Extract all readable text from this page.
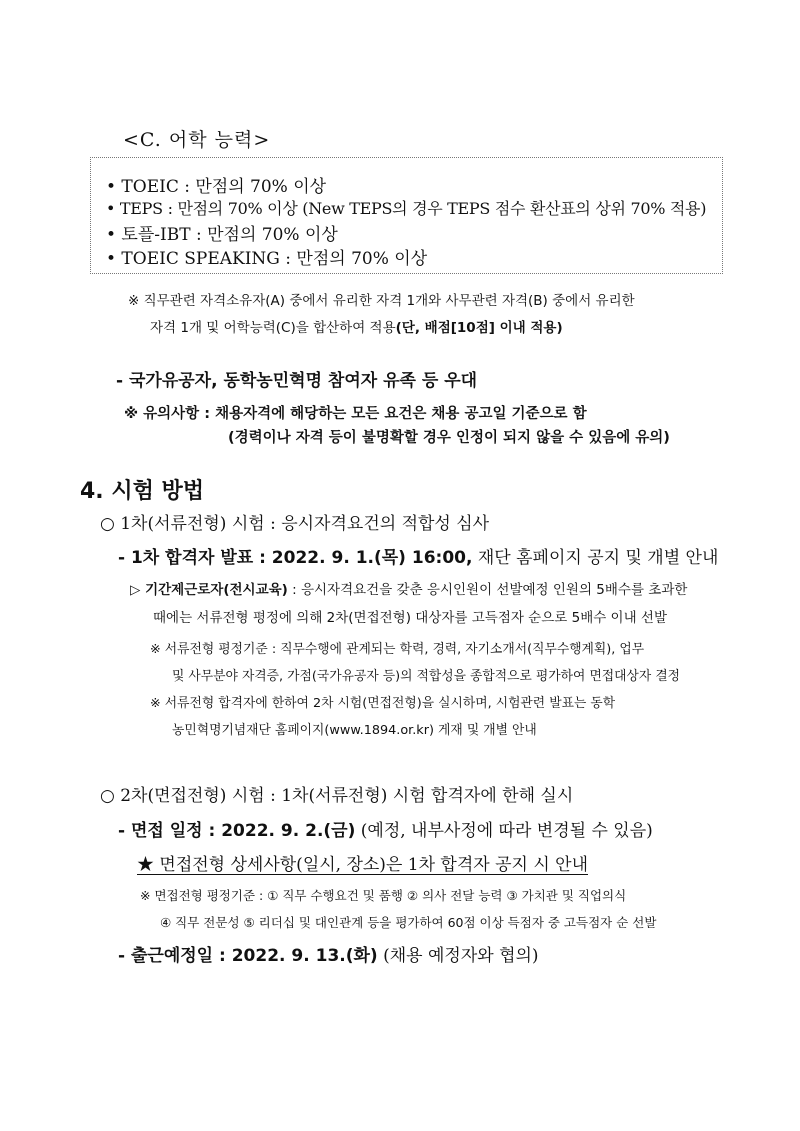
<C. 어학 능력>
• TOEIC : 만점의 70% 이상
• TEPS : 만점의 70% 이상 (New TEPS의 경우 TEPS 점수 환산표의 상위 70% 적용)
• 토플-IBT : 만점의 70% 이상
• TOEIC SPEAKING : 만점의 70% 이상
※ 직무관련 자격소유자(A) 중에서 유리한 자격 1개와 사무관련 자격(B) 중에서 유리한
자격 1개 및 어학능력(C)을 합산하여 적용(단, 배점[10점] 이내 적용)
- 국가유공자, 동학농민혁명 참여자 유족 등 우대
※ 유의사항 : 채용자격에 해당하는 모든 요건은 채용 공고일 기준으로 함
(경력이나 자격 등이 불명확할 경우 인정이 되지 않을 수 있음에 유의)
4. 시험 방법
○ 1차(서류전형) 시험 : 응시자격요건의 적합성 심사
- 1차 합격자 발표 : 2022. 9. 1.(목) 16:00, 재단 홈페이지 공지 및 개별 안내
▷ 기간제근로자(전시교육) : 응시자격요건을 갖춘 응시인원이 선발예정 인원의 5배수를 초과한
때에는 서류전형 평정에 의해 2차(면접전형) 대상자를 고득점자 순으로 5배수 이내 선발
※ 서류전형 평정기준 : 직무수행에 관계되는 학력, 경력, 자기소개서(직무수행계획), 업무
및 사무분야 자격증, 가점(국가유공자 등)의 적합성을 종합적으로 평가하여 면접대상자 결정
※ 서류전형 합격자에 한하여 2차 시험(면접전형)을 실시하며, 시험관련 발표는 동학
농민혁명기념재단 홈페이지(www.1894.or.kr) 게재 및 개별 안내
○ 2차(면접전형) 시험 : 1차(서류전형) 시험 합격자에 한해 실시
- 면접 일정 : 2022. 9. 2.(금) (예정, 내부사정에 따라 변경될 수 있음)
★ 면접전형 상세사항(일시, 장소)은 1차 합격자 공지 시 안내
※ 면접전형 평정기준 : ① 직무 수행요건 및 품행 ② 의사 전달 능력 ③ 가치관 및 직업의식
④ 직무 전문성 ⑤ 리더십 및 대인관계 등을 평가하여 60점 이상 득점자 중 고득점자 순 선발
- 출근예정일 : 2022. 9. 13.(화) (채용 예정자와 협의)
